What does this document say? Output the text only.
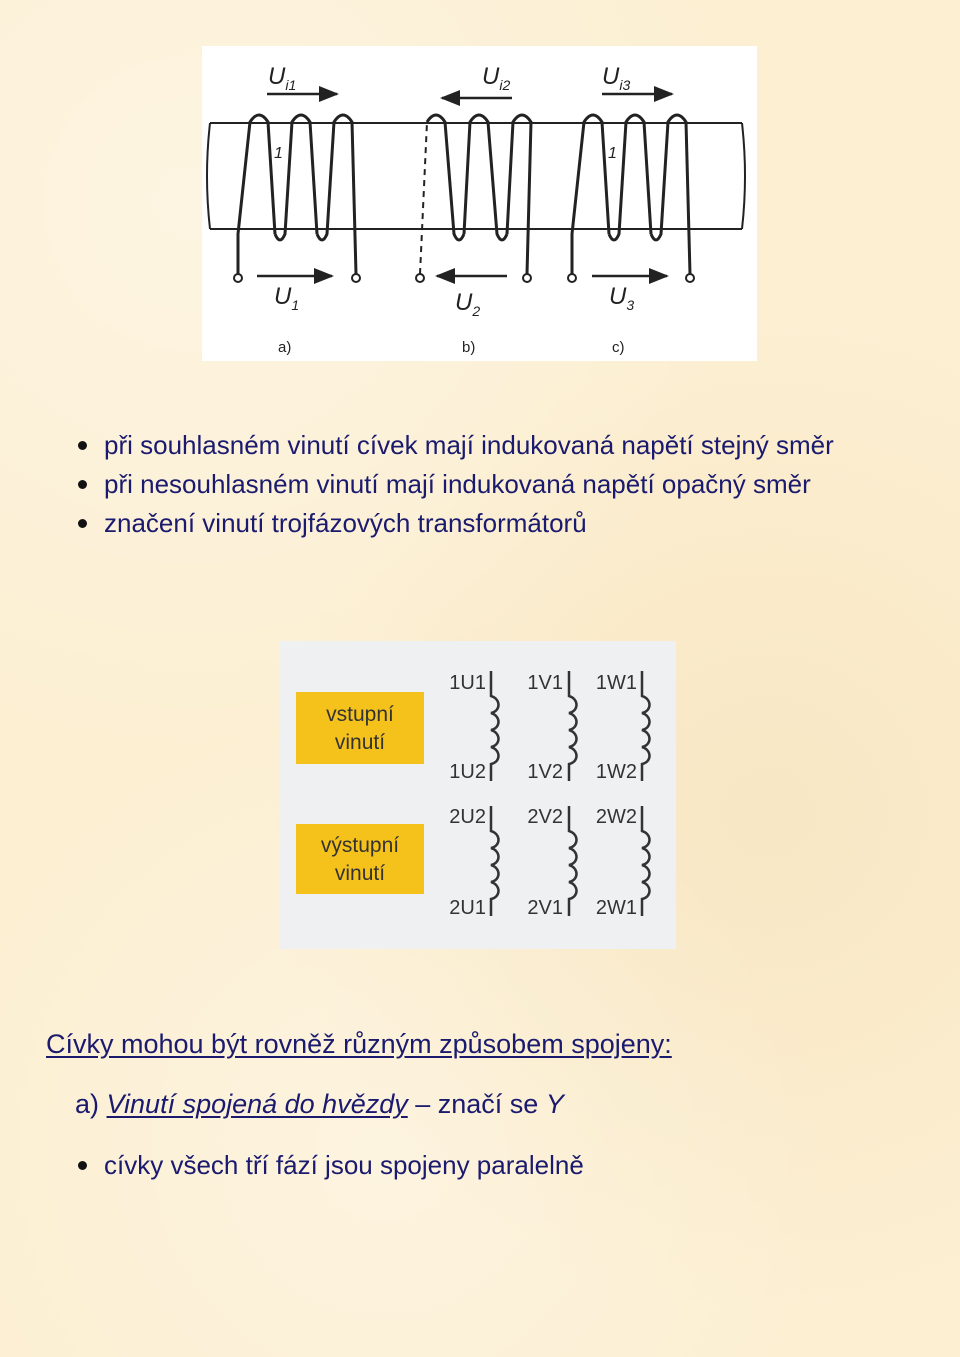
$U_{i1}$	$U_{i2}$	$U_{i3}$
$U_1$	$U_2$
$U_3$
1	1
a)	b)	c)
při souhlasném vinutí cívek mají indukovaná napětí stejný směr
při nesouhlasném vinutí mají indukovaná napětí opačný směr
značení vinutí trojfázových transformátorů
vstupní
vinutí
výstupní
vinutí
1U1 1V1 1W1
1U2 1V2 1W2
2U2 2V2 2W2
2U1 2V1 2W1
Cívky mohou být rovněž různým způsobem spojeny:
a) Vinutí spojená do hvězdy – značí se Y
cívky všech tří fází jsou spojeny paralelně
